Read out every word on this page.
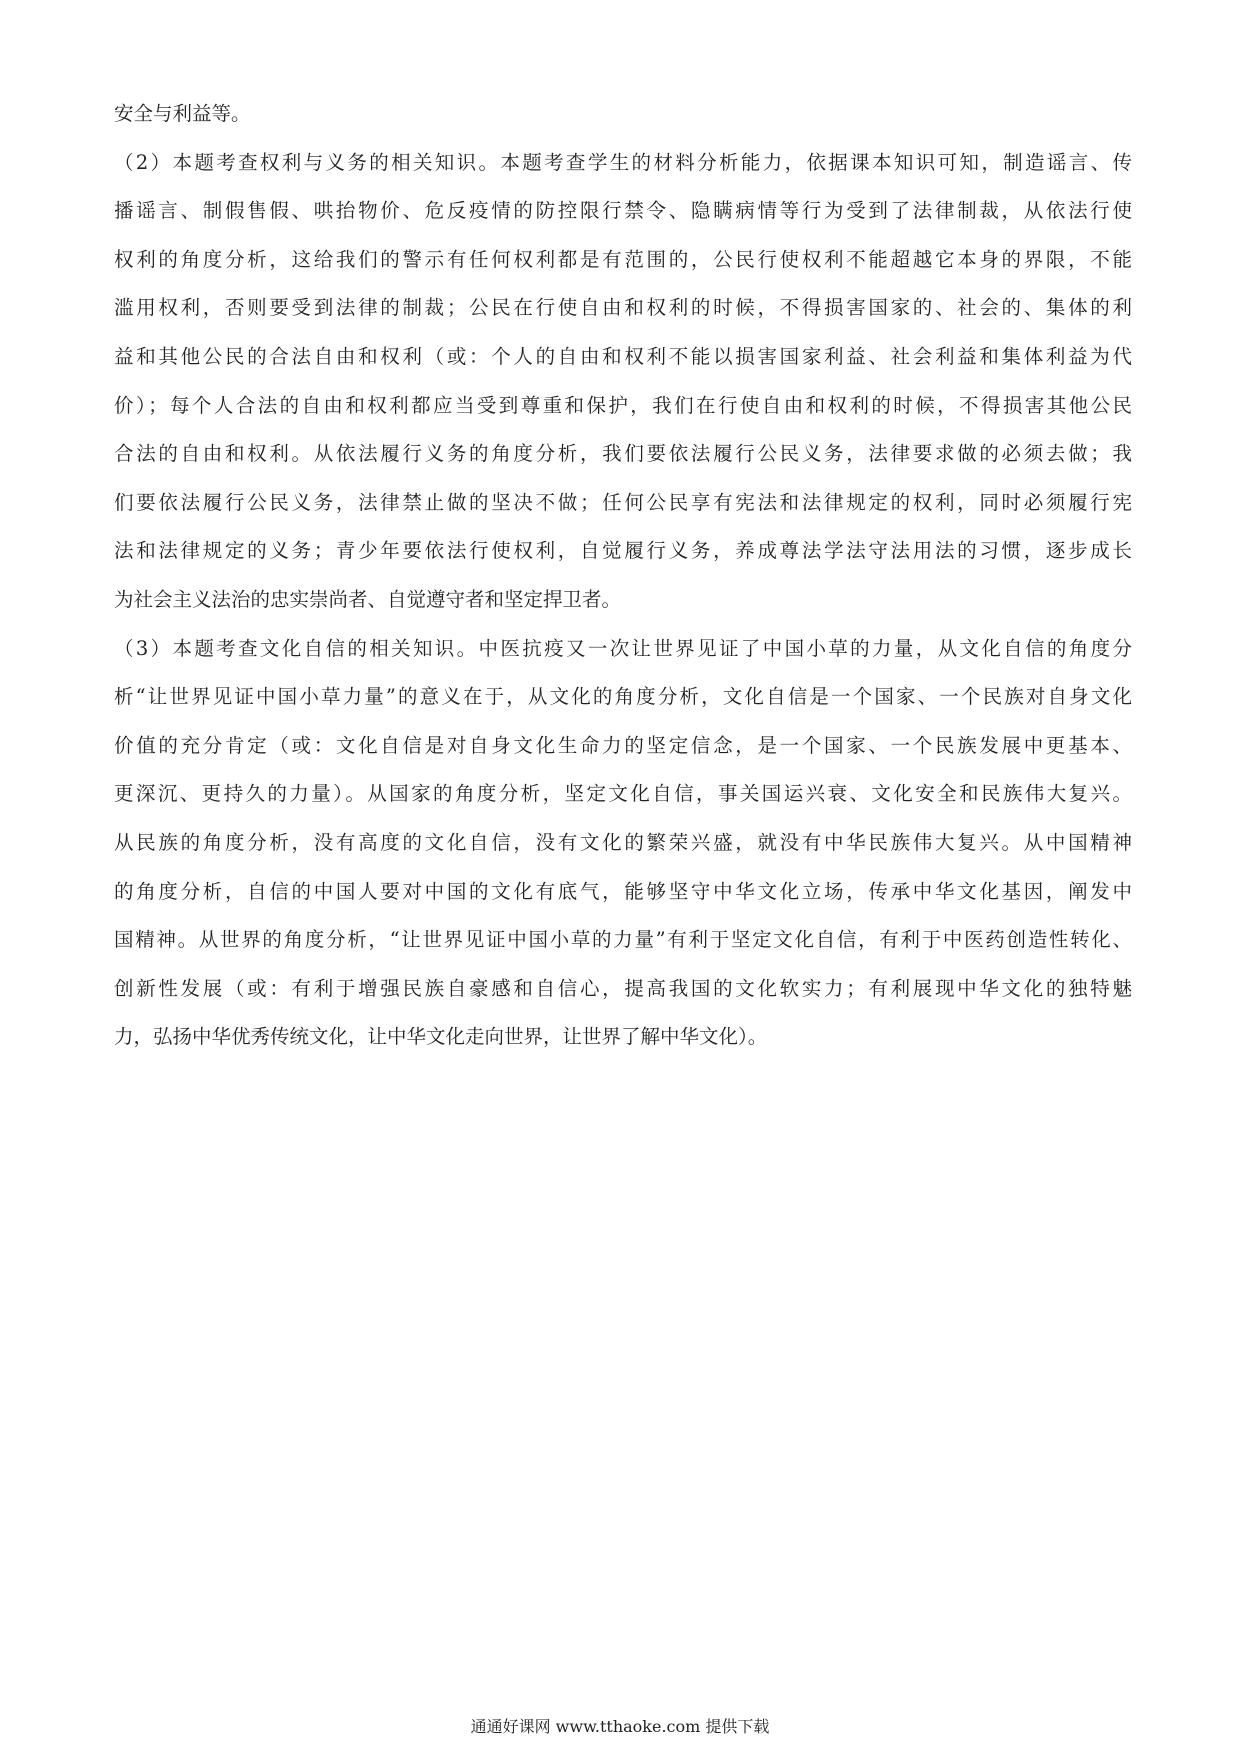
安全与利益等。
（2）本题考查权利与义务的相关知识。本题考查学生的材料分析能力，依据课本知识可知，制造谣言、传
播谣言、制假售假、哄抬物价、危反疫情的防控限行禁令、隐瞒病情等行为受到了法律制裁，从依法行使
权利的角度分析，这给我们的警示有任何权利都是有范围的，公民行使权利不能超越它本身的界限，不能
滥用权利，否则要受到法律的制裁；公民在行使自由和权利的时候，不得损害国家的、社会的、集体的利
益和其他公民的合法自由和权利（或：个人的自由和权利不能以损害国家利益、社会利益和集体利益为代
价）；每个人合法的自由和权利都应当受到尊重和保护，我们在行使自由和权利的时候，不得损害其他公民
合法的自由和权利。从依法履行义务的角度分析，我们要依法履行公民义务，法律要求做的必须去做；我
们要依法履行公民义务，法律禁止做的坚决不做；任何公民享有宪法和法律规定的权利，同时必须履行宪
法和法律规定的义务；青少年要依法行使权利，自觉履行义务，养成尊法学法守法用法的习惯，逐步成长
为社会主义法治的忠实崇尚者、自觉遵守者和坚定捍卫者。
（3）本题考查文化自信的相关知识。中医抗疫又一次让世界见证了中国小草的力量，从文化自信的角度分
析“让世界见证中国小草力量”的意义在于，从文化的角度分析，文化自信是一个国家、一个民族对自身文化
价值的充分肯定（或：文化自信是对自身文化生命力的坚定信念，是一个国家、一个民族发展中更基本、
更深沉、更持久的力量）。从国家的角度分析，坚定文化自信，事关国运兴衰、文化安全和民族伟大复兴。
从民族的角度分析，没有高度的文化自信，没有文化的繁荣兴盛，就没有中华民族伟大复兴。从中国精神
的角度分析，自信的中国人要对中国的文化有底气，能够坚守中华文化立场，传承中华文化基因，阐发中
国精神。从世界的角度分析，“让世界见证中国小草的力量”有利于坚定文化自信，有利于中医药创造性转化、
创新性发展（或：有利于增强民族自豪感和自信心，提高我国的文化软实力；有利展现中华文化的独特魅
力，弘扬中华优秀传统文化，让中华文化走向世界，让世界了解中华文化）。
通通好课网 www.tthaoke.com 提供下载
